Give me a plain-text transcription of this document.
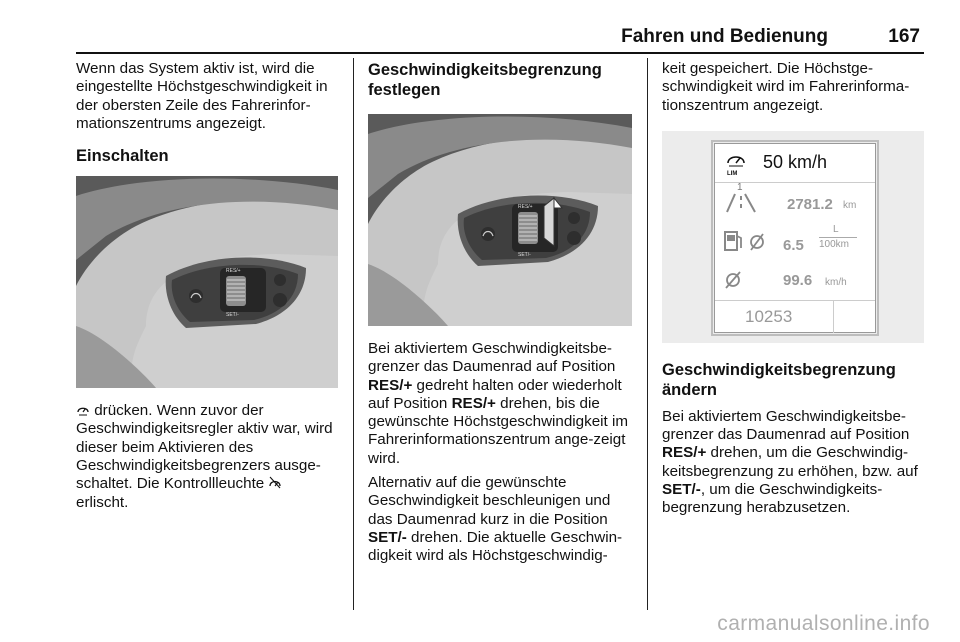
Fahren und Bedienung	167

Wenn das System aktiv ist, wird die eingestellte Höchstgeschwindigkeit in der obersten Zeile des Fahrerinfor-mationszentrums angezeigt.

Einschalten
RES/+
SET/-

drücken. Wenn zuvor der Geschwindigkeitsregler aktiv war, wird dieser beim Aktivieren des Geschwindigkeitsbegrenzers ausge-schaltet. Die Kontrollleuchte  erlischt.

Geschwindigkeitsbegrenzung festlegen
RES/+
SET/-

Bei aktiviertem Geschwindigkeitsbe-grenzer das Daumenrad auf Position RES/+ gedreht halten oder wiederholt auf Position RES/+ drehen, bis die gewünschte Höchstgeschwindigkeit im Fahrerinformationszentrum ange-zeigt wird.

Alternativ auf die gewünschte Geschwindigkeit beschleunigen und das Daumenrad kurz in die Position SET/- drehen. Die aktuelle Geschwin-digkeit wird als Höchstgeschwindig-

keit gespeichert. Die Höchstge-schwindigkeit wird im Fahrerinforma-tionszentrum angezeigt.

LIM
50 km/h
1
2781.2 km
6.5
L
100km
99.6 km/h
10253
Geschwindigkeitsbegrenzung ändern

Bei aktiviertem Geschwindigkeitsbe-grenzer das Daumenrad auf Position RES/+ drehen, um die Geschwindig-keitsbegrenzung zu erhöhen, bzw. auf SET/-, um die Geschwindigkeits-begrenzung herabzusetzen.

carmanualsonline.info
